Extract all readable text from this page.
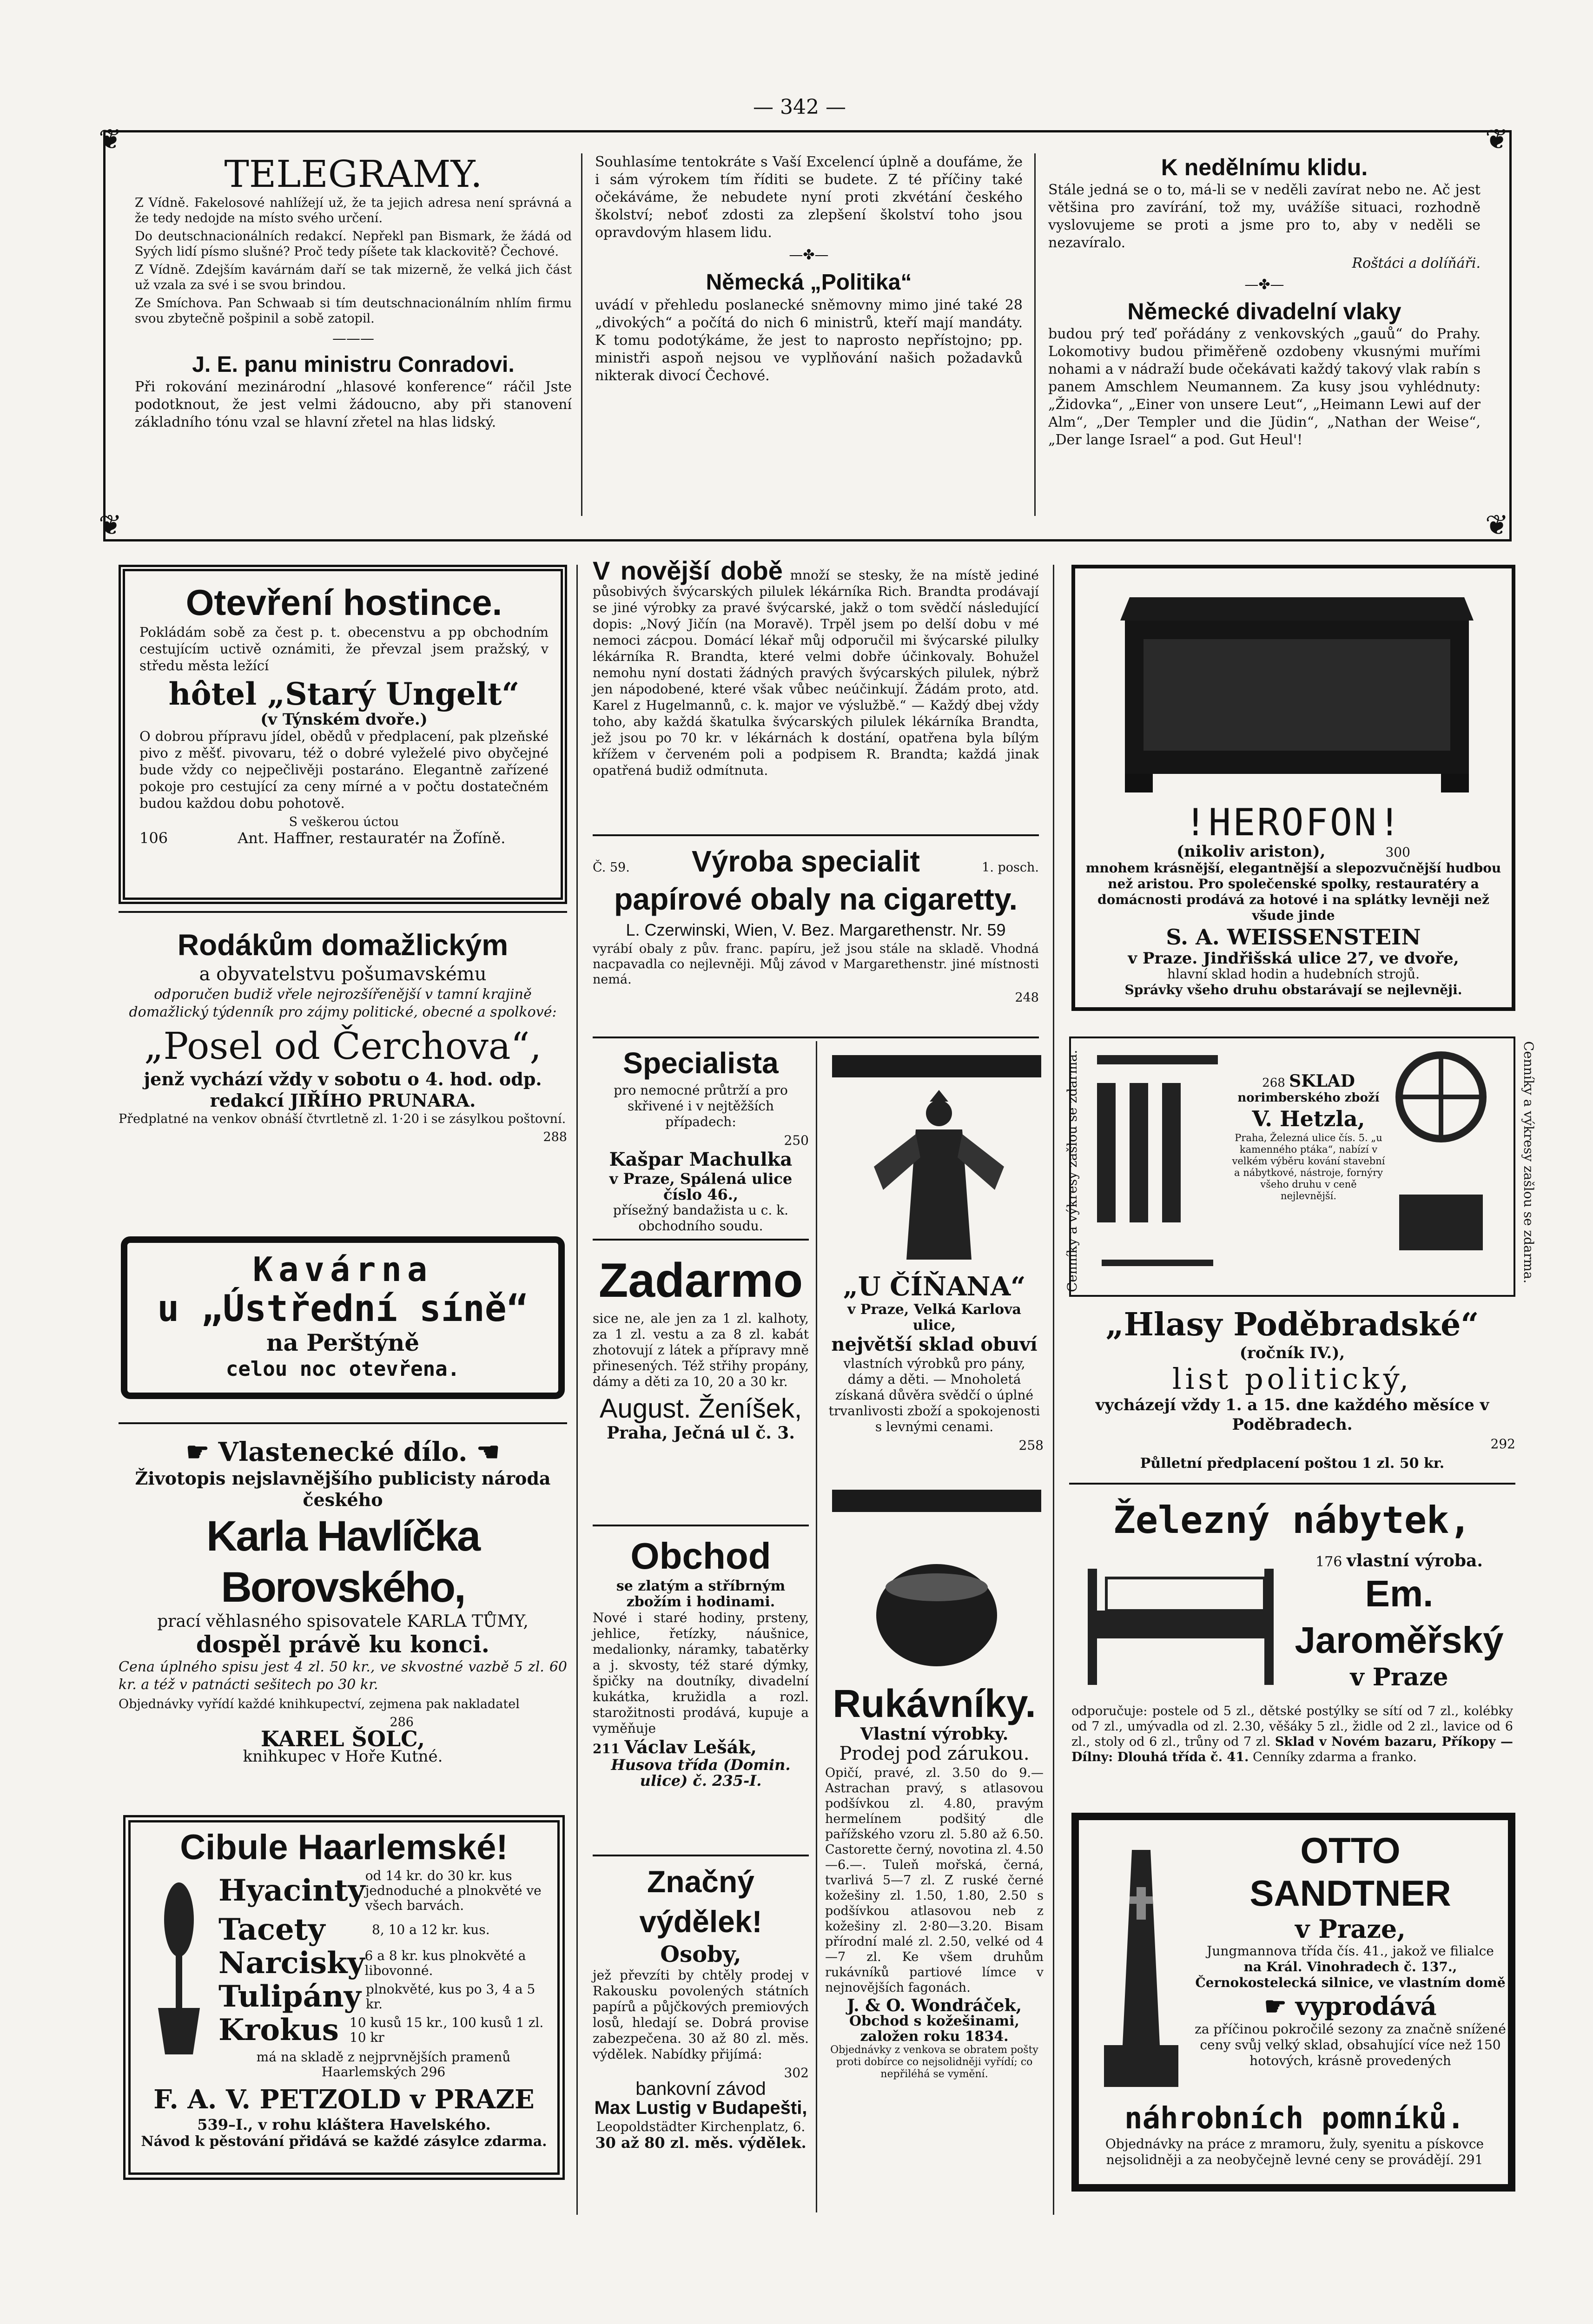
— 342 —
❦	❦
❦	❦
TELEGRAMY.

Z Vídně. Fakelosové nahlížejí už, že ta jejich adresa není správná a že tedy nedojde na místo svého určení.

Do deutschnacionálních redakcí. Nepřekl pan Bismark, že žádá od Syých lidí písmo slušné? Proč tedy píšete tak klackovitě? Čechové.

Z Vídně. Zdejším kavárnám daří se tak mizerně, že velká jich část už vzala za své i se svou brindou.

Ze Smíchova. Pan Schwaab si tím deutschnacionálním nhlím firmu svou zbytečně pošpinil a sobě zatopil.

———
J. E. panu ministru Conradovi.

Při rokování mezinárodní „hlasové konference“ ráčil Jste podotknout, že jest velmi žádoucno, aby při stanovení základního tónu vzal se hlavní zřetel na hlas lidský.

Souhlasíme tentokráte s Vaší Excelencí úplně a doufáme, že i sám výrokem tím říditi se budete. Z té příčiny také očekáváme, že nebudete nyní proti zkvétání českého školství; neboť zdosti za zlepšení školství toho jsou opravdovým hlasem lidu.

—✤—
Německá „Politika“

uvádí v přehledu poslanecké sněmovny mimo jiné také 28 „divokých“ a počítá do nich 6 ministrů, kteří mají mandáty. K tomu podotýkáme, že jest to naprosto nepřístojno; pp. ministři aspoň nejsou ve vyplňování našich požadavků nikterak divocí Čechové.

K nedělnímu klidu.

Stále jedná se o to, má-li se v neděli zavírat nebo ne. Ač jest většina pro zavírání, tož my, uvážíše situaci, rozhodně vyslovujeme se proti a jsme pro to, aby v neděli se nezavíralo.

Roštáci a dolíňáři.

—✤—
Německé divadelní vlaky

budou prý teď pořádány z venkovských „gauů“ do Prahy. Lokomotivy budou přiměřeně ozdobeny vkusnými muřími nohami a v nádraží bude očekávati každý takový vlak rabín s panem Amschlem Neumannem. Za kusy jsou vyhlédnuty: „Židovka“, „Einer von unsere Leut“, „Heimann Lewi auf der Alm“, „Der Templer und die Jüdin“, „Nathan der Weise“, „Der lange Israel“ a pod. Gut Heul'!

Otevření hostince.

Pokládám sobě za čest p. t. obecenstvu a pp obchodním cestujícím uctivě oznámiti, že převzal jsem pražský, v středu města ležící

hôtel „Starý Ungelt“
(v Týnském dvoře.)

O dobrou přípravu jídel, obědů v předplacení, pak plzeňské pivo z měšť. pivovaru, též o dobré vyleželé pivo obyčejné bude vždy co nejpečlivěji postaráno. Elegantně zařízené pokoje pro cestující za ceny mírné a v počtu dostatečném budou každou dobu pohotově.

S veškerou úctou
106	Ant. Haffner, restauratér na Žofíně.
Rodákům domažlickým
a obyvatelstvu pošumavskému

odporučen budiž vřele nejrozšířenější v tamní krajině domažlický týdenník pro zájmy politické, obecné a spolkové:

„Posel od Čerchova“,
jenž vychází vždy v sobotu o 4. hod. odp. redakcí JIŘÍHO PRUNARA.

Předplatné na venkov obnáší čtvrtletně zl. 1·20 i se zásylkou poštovní.

288
Kavárna
u „Ústřední síně“
na Perštýně
celou noc otevřena.
☛ Vlastenecké dílo. ☚
Životopis nejslavnějšího publicisty národa českého
Karla Havlíčka Borovského,
prací věhlasného spisovatele KARLA TŮMY,
dospěl právě ku konci.

Cena úplného spisu jest 4 zl. 50 kr., ve skvostné vazbě 5 zl. 60 kr. a též v patnácti sešitech po 30 kr.

Objednávky vyřídí každé knihkupectví, zejmena pak nakladatel

286
KAREL ŠOLC,
knihkupec v Hoře Kutné.
Cibule Haarlemské!
Hyacinty od 14 kr. do 30 kr. kus jednoduché a plnokvěté ve všech barvách.
Tacety	8, 10 a 12 kr. kus.
Narcisky 6 a 8 kr. kus plnokvěté a libovonné.
Tulipány plnokvěté, kus po 3, 4 a 5 kr.
Krokus 10 kusů 15 kr., 100 kusů 1 zl. 10 kr
má na skladě z nejprvnějších pramenů Haarlemských 296
F. A. V. PETZOLD v PRAZE
539–I., v rohu kláštera Havelského.
Návod k pěstování přidává se každé zásylce zdarma.
V novější době množí se stesky, že na místě jediné působivých švýcarských pilulek lékárníka Rich. Brandta prodávají se jiné výrobky za pravé švýcarské, jakž o tom svědčí následující dopis: „Nový Jičín (na Moravě). Trpěl jsem po delší dobu v mé nemoci zácpou. Domácí lékař můj odporučil mi švýcarské pilulky lékárníka R. Brandta, které velmi dobře účinkovaly. Bohužel nemohu nyní dostati žádných pravých švýcarských pilulek, nýbrž jen nápodobené, které však vůbec neúčinkují. Žádám proto, atd. Karel z Hugelmannů, c. k. major ve výslužbě.“ — Každý dbej vždy toho, aby každá škatulka švýcarských pilulek lékárníka Brandta, jež jsou po 70 kr. v lékárnách k dostání, opatřena byla bílým křížem v červeném poli a podpisem R. Brandta; každá jinak opatřená budiž odmítnuta.
Č. 59. Výroba specialit	1. posch.
papírové obaly na cigaretty.
L. Czerwinski, Wien, V. Bez. Margarethenstr. Nr. 59

vyrábí obaly z pův. franc. papíru, jež jsou stále na skladě. Vhodná nacpavadla co nejlevněji. Můj závod v Margarethenstr. jiné místnosti nemá.

248
Specialista

pro nemocné průtrží a pro skřivené i v nejtěžších případech:

250
Kašpar Machulka
v Praze, Spálená ulice číslo 46.,

přísežný bandažista u c. k. obchodního soudu.

Zadarmo

sice ne, ale jen za 1 zl. kalhoty, za 1 zl. vestu a za 8 zl. kabát zhotovují z látek a přípravy mně přinesených. Též střihy propány, dámy a děti za 10, 20 a 30 kr.

August. Ženíšek,
Praha, Ječná ul č. 3.
Obchod
se zlatým a stříbrným zbožím i hodinami.

Nové i staré hodiny, prsteny, jehlice, řetízky, náušnice, medalionky, náramky, tabatěrky a j. skvosty, též staré dýmky, špičky na doutníky, divadelní kukátka, kružidla a rozl. starožitnosti prodává, kupuje a vyměňuje

211 Václav Lešák,
Husova třída (Domin. ulice) č. 235-I.
Značný výdělek!
Osoby,

jež převzíti by chtěly prodej v Rakousku povolených státních papírů a půjčkových premiových losů, hledají se. Dobrá provise zabezpečena. 30 až 80 zl. měs. výdělek. Nabídky přijímá:

302
bankovní závod
Max Lustig v Budapešti,
Leopoldstädter Kirchenplatz, 6.
30 až 80 zl. měs. výdělek.
„U ČÍŇANA“
v Praze, Velká Karlova ulice,
největší sklad obuví

vlastních výrobků pro pány, dámy a děti. — Mnoholetá získaná důvěra svědčí o úplné trvanlivosti zboží a spokojenosti s levnými cenami.

258
Rukávníky.
Vlastní výrobky.
Prodej pod zárukou.

Opičí, pravé, zl. 3.50 do 9.— Astrachan pravý, s atlasovou podšívkou zl. 4.80, pravým hermelínem podšitý dle pařížského vzoru zl. 5.80 až 6.50. Castorette černý, novotina zl. 4.50—6.—. Tuleň mořská, černá, tvarlivá 5—7 zl. Z ruské černé kožešiny zl. 1.50, 1.80, 2.50 s podšívkou atlasovou neb z kožešiny zl. 2·80—3.20. Bisam přírodní malé zl. 2.50, velké od 4—7 zl. Ke všem druhům rukávníků partiové límce v nejnovějších fagonách.

J. & O. Wondráček,
Obchod s kožešinami, založen roku 1834.

Objednávky z venkova se obratem pošty proti dobírce co nejsolidněji vyřídí; co nepřiléhá se vymění.

!HEROFON!
(nikoliv ariston),	300
mnohem krásnější, elegantnější a slepozvučnější hudbou než aristou. Pro společenské spolky, restauratéry a domácnosti prodává za hotové i na splátky levněji než všude jinde
S. A. WEISSENSTEIN
v Praze. Jindřišská ulice 27, ve dvoře,
hlavní sklad hodin a hudebních strojů.
Správky všeho druhu obstarávají se nejlevněji.
Cenníky a výkresy zašlou se zdarma.	Cenníky a výkresy zašlou se zdarma.
268 SKLAD
norimberského zboží
V. Hetzla,
Praha, Železná ulice čís. 5. „u kamenného ptáka“, nabízí v velkém výběru kování stavební a nábytkové, nástroje, fornýry všeho druhu v ceně nejlevnější.
„Hlasy Poděbradské“
(ročník IV.),
list politický,
vycházejí vždy 1. a 15. dne každého měsíce v Poděbradech.
292
Půlletní předplacení poštou 1 zl. 50 kr.
Železný nábytek,
176 vlastní výroba.
Em. Jaroměřský
v Praze
odporučuje: postele od 5 zl., dětské postýlky se sítí od 7 zl., kolébky od 7 zl., umývadla od zl. 2.30, věšáky 5 zl., židle od 2 zl., lavice od 6 zl., stoly od 6 zl., trůny od 7 zl. Sklad v Novém bazaru, Příkopy — Dílny: Dlouhá třída č. 41. Cenníky zdarma a franko.
OTTO SANDTNER
v Praze,
Jungmannova třída čís. 41., jakož ve filialce
na Král. Vinohradech č. 137., Černokostelecká silnice, ve vlastním domě
☛ vyprodává
za příčinou pokročilé sezony za značně snížené ceny svůj velký sklad, obsahující více než 150 hotových, krásně provedených
náhrobních pomníků.
Objednávky na práce z mramoru, žuly, syenitu a pískovce nejsolidněji a za neobyčejně levné ceny se provádějí. 291
